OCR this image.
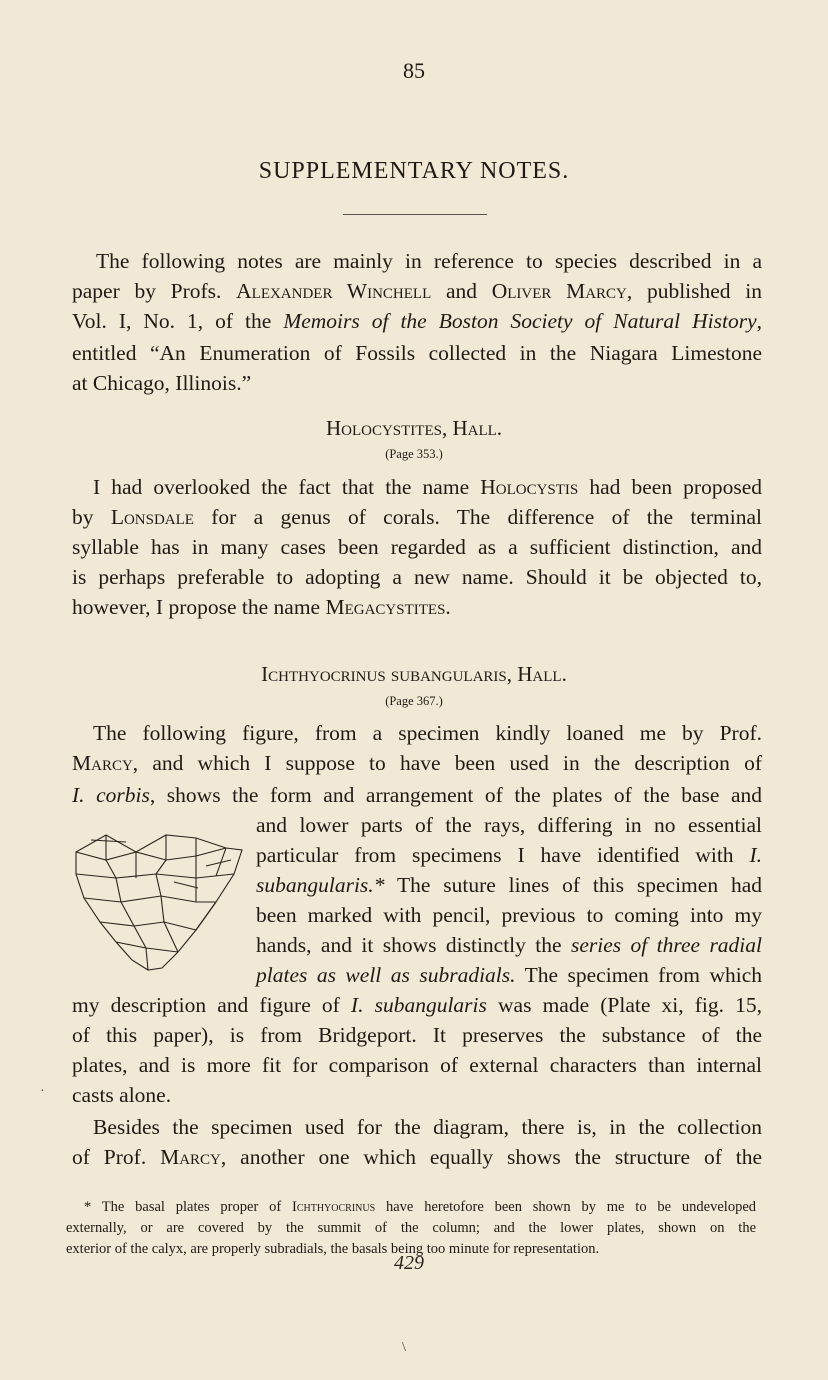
85
SUPPLEMENTARY NOTES.
The following notes are mainly in reference to species described in a
paper by Profs. Alexander Winchell and Oliver Marcy, published in
Vol. I, No. 1, of the Memoirs of the Boston Society of Natural History,
entitled “An Enumeration of Fossils collected in the Niagara Limestone
at Chicago, Illinois.”
Holocystites, Hall.
(Page 353.)
I had overlooked the fact that the name Holocystis had been proposed
by Lonsdale for a genus of corals. The difference of the terminal
syllable has in many cases been regarded as a sufficient distinction, and
is perhaps preferable to adopting a new name. Should it be objected to,
however, I propose the name Megacystites.
Ichthyocrinus subangularis, Hall.
(Page 367.)
The following figure, from a specimen kindly loaned me by Prof.
Marcy, and which I suppose to have been used in the description of
I. corbis, shows the form and arrangement of the plates of the base and
and lower parts of the rays, differing in no essential
particular from specimens I have identified with I.
subangularis.* The suture lines of this specimen had
been marked with pencil, previous to coming into my
hands, and it shows distinctly the series of three radial
plates as well as subradials. The specimen from which
my description and figure of I. subangularis was made (Plate xi, fig. 15,
of this paper), is from Bridgeport. It preserves the substance of the
plates, and is more fit for comparison of external characters than internal
casts alone.
Besides the specimen used for the diagram, there is, in the collection
of Prof. Marcy, another one which equally shows the structure of the
* The basal plates proper of Ichthyocrinus have heretofore been shown by me to be undeveloped
externally, or are covered by the summit of the column; and the lower plates, shown on the
exterior of the calyx, are properly subradials, the basals being too minute for representation.
429
·
\
